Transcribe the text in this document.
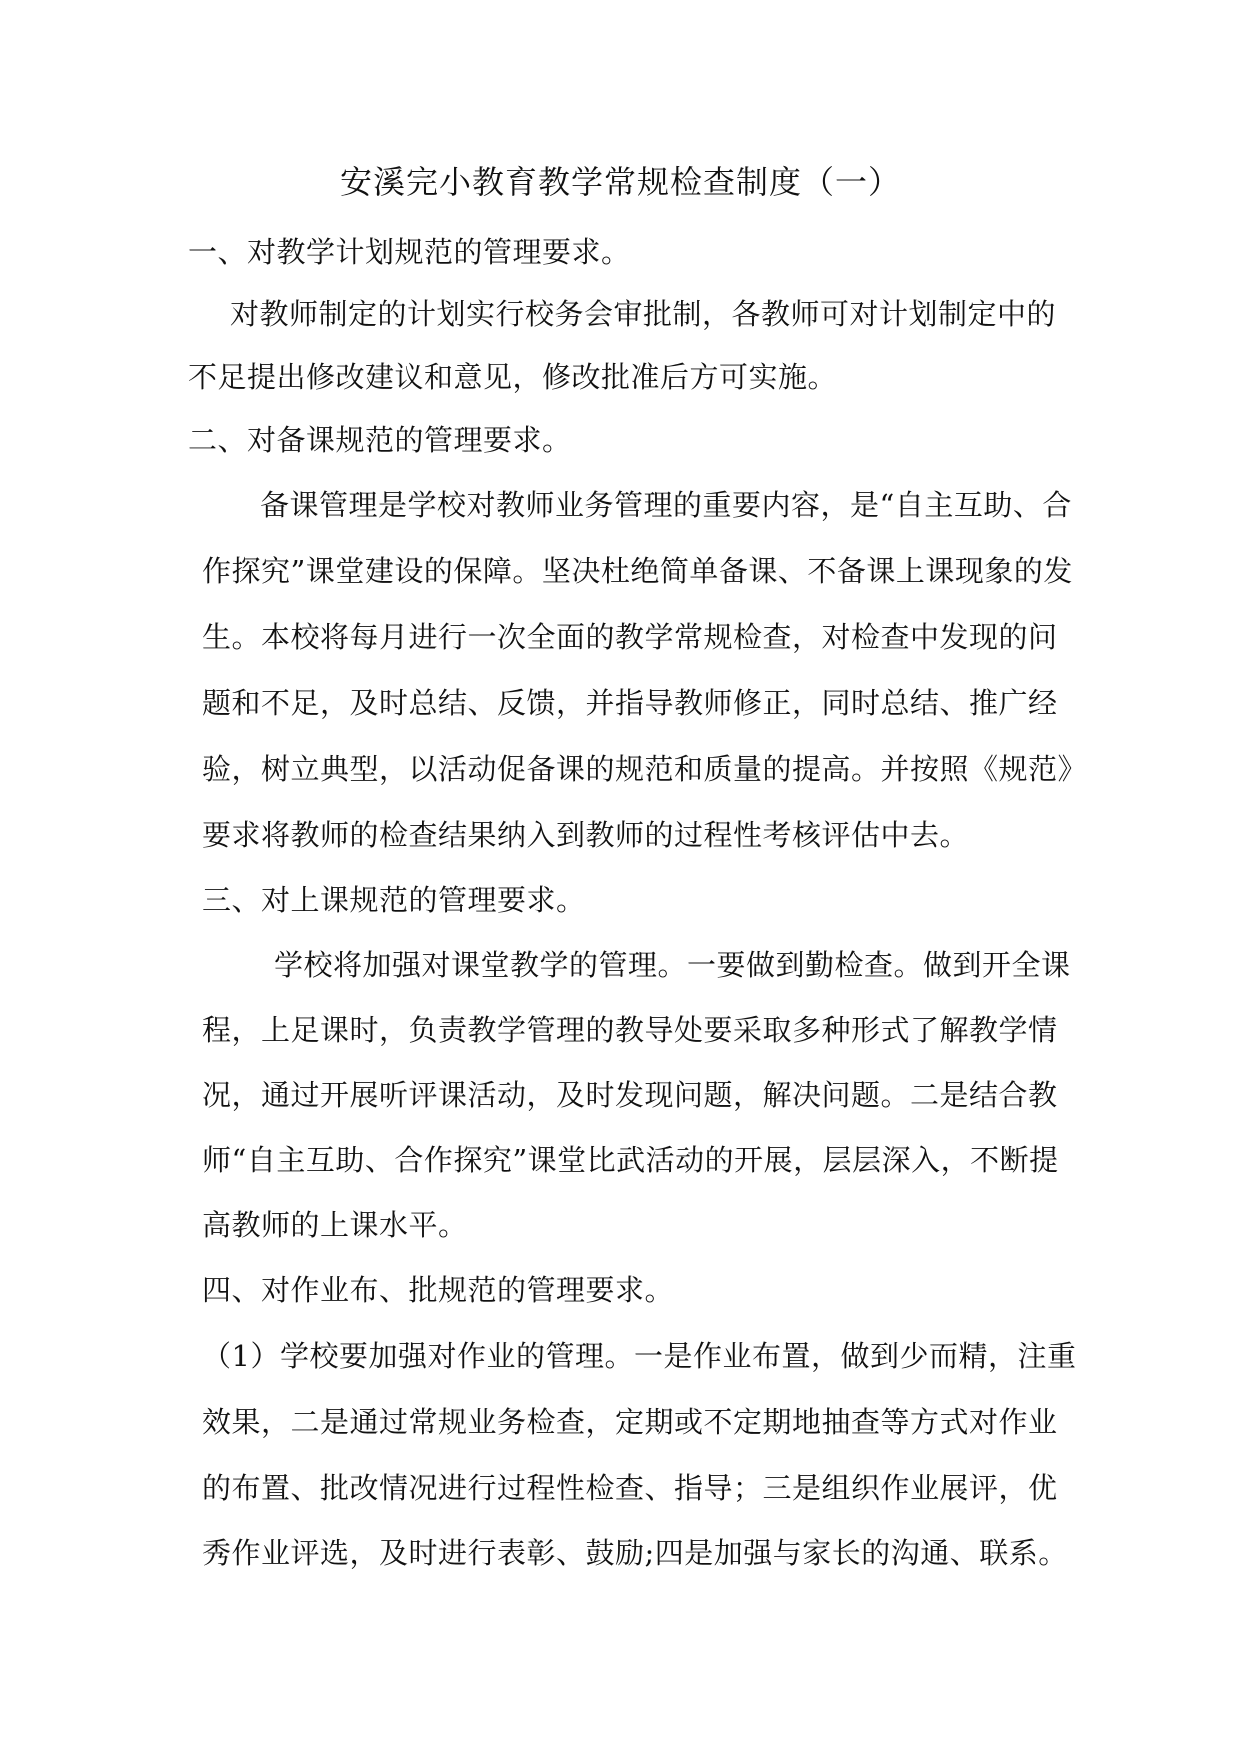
安溪完小教育教学常规检查制度（一）
一、对教学计划规范的管理要求。
对教师制定的计划实行校务会审批制，各教师可对计划制定中的
不足提出修改建议和意见，修改批准后方可实施。
二、对备课规范的管理要求。
备课管理是学校对教师业务管理的重要内容，是“自主互助、合
作探究”课堂建设的保障。坚决杜绝简单备课、不备课上课现象的发
生。本校将每月进行一次全面的教学常规检查，对检查中发现的问
题和不足，及时总结、反馈，并指导教师修正，同时总结、推广经
验，树立典型，以活动促备课的规范和质量的提高。并按照《规范》
要求将教师的检查结果纳入到教师的过程性考核评估中去。
三、对上课规范的管理要求。
学校将加强对课堂教学的管理。一要做到勤检查。做到开全课
程，上足课时，负责教学管理的教导处要采取多种形式了解教学情
况，通过开展听评课活动，及时发现问题，解决问题。二是结合教
师“自主互助、合作探究”课堂比武活动的开展，层层深入，不断提
高教师的上课水平。
四、对作业布、批规范的管理要求。
（1）学校要加强对作业的管理。一是作业布置，做到少而精，注重
效果，二是通过常规业务检查，定期或不定期地抽查等方式对作业
的布置、批改情况进行过程性检查、指导；三是组织作业展评，优
秀作业评选，及时进行表彰、鼓励;四是加强与家长的沟通、联系。
